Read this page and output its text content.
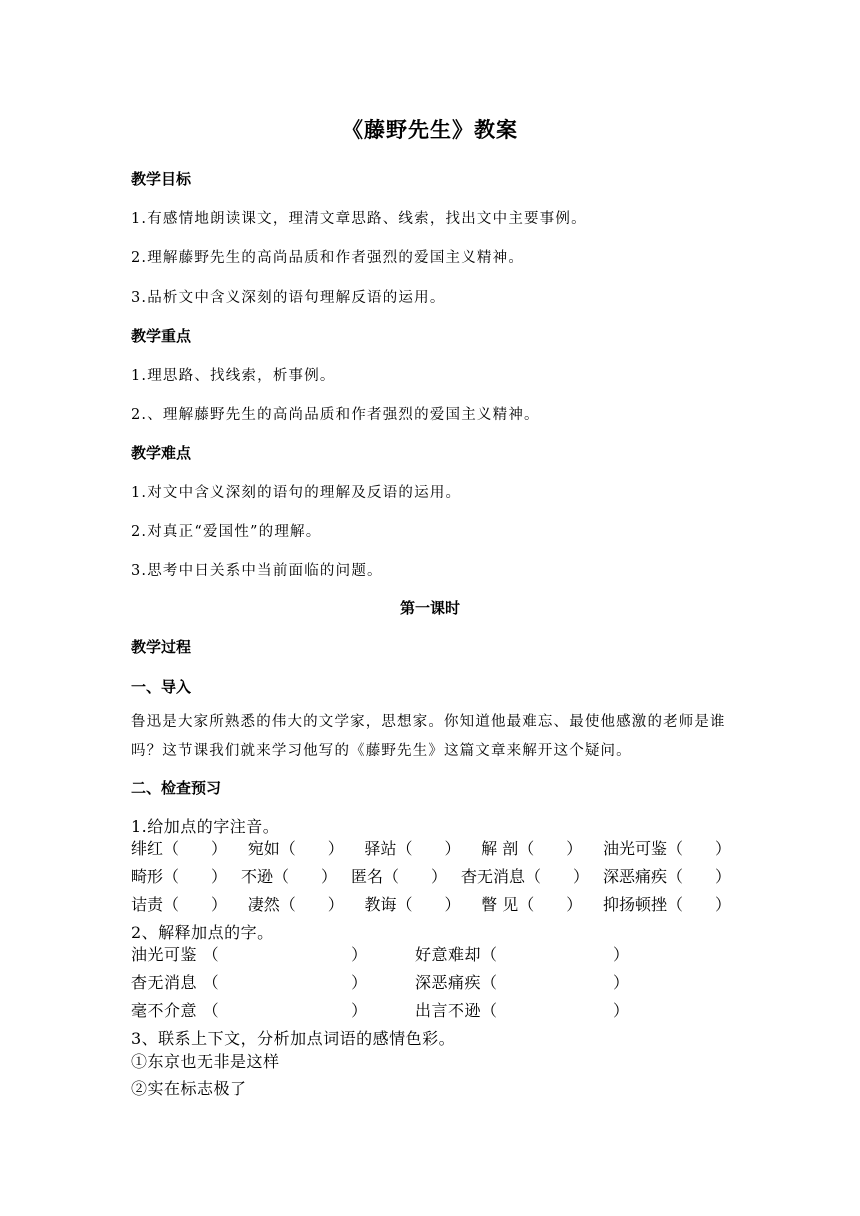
《藤野先生》教案
教学目标
1.有感情地朗读课文，理清文章思路、线索，找出文中主要事例。
2.理解藤野先生的高尚品质和作者强烈的爱国主义精神。
3.品析文中含义深刻的语句理解反语的运用。
教学重点
1.理思路、找线索，析事例。
2.、理解藤野先生的高尚品质和作者强烈的爱国主义精神。
教学难点
1.对文中含义深刻的语句的理解及反语的运用。
2.对真正“爱国性”的理解。
3.思考中日关系中当前面临的问题。
第一课时
教学过程
一、导入
鲁迅是大家所熟悉的伟大的文学家，思想家。你知道他最难忘、最使他感激的老师是谁吗？这节课我们就来学习他写的《藤野先生》这篇文章来解开这个疑问。
二、检查预习
1.给加点的字注音。
绯红（　　） 宛如（　　） 驿站（　　） 解 剖（　　） 油光可鉴（　　）
畸形（　　） 不逊（　　） 匿名（　　） 杳无消息（　　） 深恶痛疾（　　）
诘责（　　） 凄然（　　） 教诲（　　） 瞥 见（　　） 抑扬顿挫（　　）
2、解释加点的字。
油光可鉴 （　　　　　　　　）	好意难却（　　　　　　　）
杳无消息 （　　　　　　　　）	深恶痛疾（　　　　　　　）
毫不介意 （　　　　　　　　）	出言不逊（　　　　　　　）
3、联系上下文，分析加点词语的感情色彩。
①东京也无非是这样
②实在标志极了
